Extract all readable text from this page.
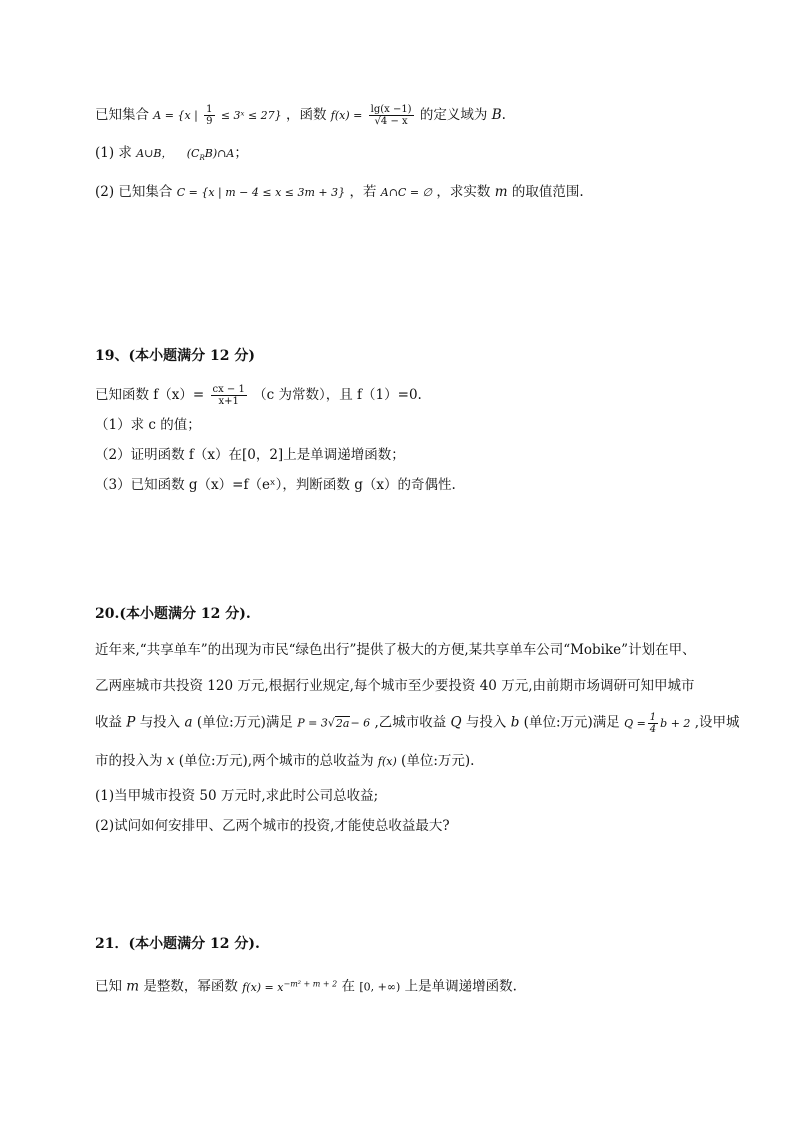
已知集合 A = {x | $\frac{1}{9}$ ≤ 3ˣ ≤ 27} ，函数 $f(x) = \frac{\lg(x -1)}{√4 - x}$ 的定义域为 B.
(1) 求 A∪B， $(C_RB)\cap A$；
(2) 已知集合 C = {x | m − 4 ≤ x ≤ 3m + 3} ，若 A∩C = ∅ ，求实数 m 的取值范围.
19、(本小题满分 12 分)
已知函数 $f(x)= \frac{cx - 1}{x+1} (c$ 为常数），且 f（1）=0.
（1）求 c 的值；
（2）证明函数 f（x）在[0，2]上是单调递增函数；
（3）已知函数 g（x）=f（eˣ），判断函数 g（x）的奇偶性.
20.(本小题满分 12 分).
近年来,“共享单车”的出现为市民“绿色出行”提供了极大的方便,某共享单车公司“Mobike”计划在甲、
乙两座城市共投资 120 万元,根据行业规定,每个城市至少要投资 40 万元,由前期市场调研可知甲城市
收益 P 与投入 a (单位:万元)满足 P = 3√2a− 6 ,乙城市收益 Q 与投入 b (单位:万元)满足 $Q = \frac{1}{4}$ b + 2 ,设甲城
市的投入为 x (单位:万元),两个城市的总收益为 f(x) (单位:万元).
(1)当甲城市投资 50 万元时,求此时公司总收益;
(2)试问如何安排甲、乙两个城市的投资,才能使总收益最大?
21．(本小题满分 12 分).
已知 m 是整数，幂函数 $f(x) = x^{-m^2 + m + 2}$ 在 [0, +∞) 上是单调递增函数.
